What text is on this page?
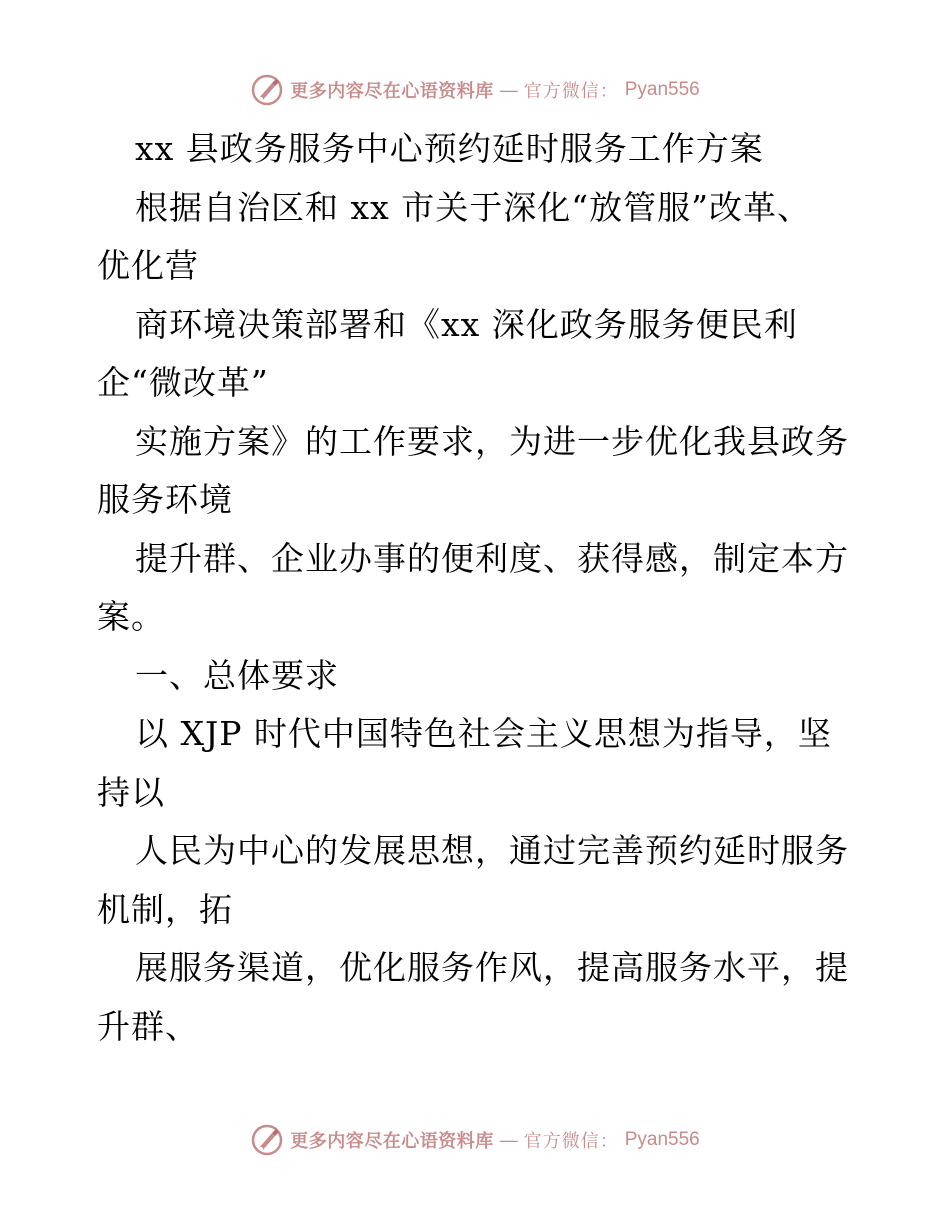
更多内容尽在心语资料库 — 官方微信： Pyan556
xx 县政务服务中心预约延时服务工作方案
根据自治区和 xx 市关于深化“放管服”改革、
优化营
商环境决策部署和《xx 深化政务服务便民利
企“微改革”
实施方案》的工作要求，为进一步优化我县政务
服务环境
提升群、企业办事的便利度、获得感，制定本方
案。
一、总体要求
以 XJP 时代中国特色社会主义思想为指导，坚
持以
人民为中心的发展思想，通过完善预约延时服务
机制，拓
展服务渠道，优化服务作风，提高服务水平，提
升群、
更多内容尽在心语资料库 — 官方微信： Pyan556
